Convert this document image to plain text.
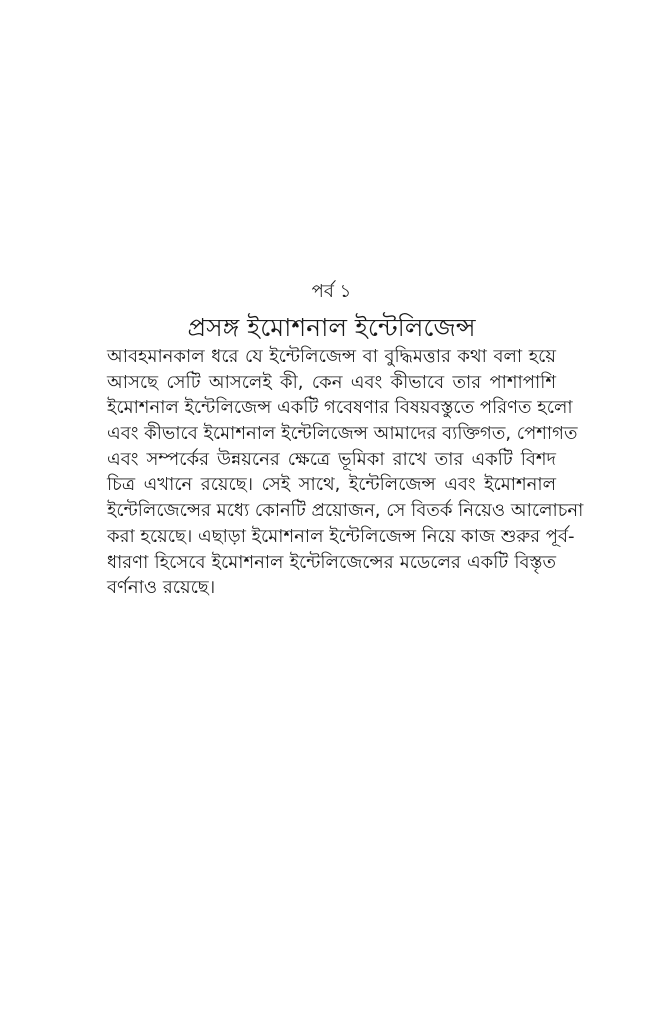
পর্ব ১
প্রসঙ্গ ইমোশনাল ইন্টেলিজেন্স
আবহমানকাল ধরে যে ইন্টেলিজেন্স বা বুদ্ধিমত্তার কথা বলা হয়ে
আসছে সেটি আসলেই কী, কেন এবং কীভাবে তার পাশাপাশি
ইমোশনাল ইন্টেলিজেন্স একটি গবেষণার বিষয়বস্তুতে পরিণত হলো
এবং কীভাবে ইমোশনাল ইন্টেলিজেন্স আমাদের ব্যক্তিগত, পেশাগত
এবং সম্পর্কের উন্নয়নের ক্ষেত্রে ভূমিকা রাখে তার একটি বিশদ
চিত্র এখানে রয়েছে। সেই সাথে, ইন্টেলিজেন্স এবং ইমোশনাল
ইন্টেলিজেন্সের মধ্যে কোনটি প্রয়োজন, সে বিতর্ক নিয়েও আলোচনা
করা হয়েছে। এছাড়া ইমোশনাল ইন্টেলিজেন্স নিয়ে কাজ শুরুর পূর্ব-
ধারণা হিসেবে ইমোশনাল ইন্টেলিজেন্সের মডেলের একটি বিস্তৃত
বর্ণনাও রয়েছে।
